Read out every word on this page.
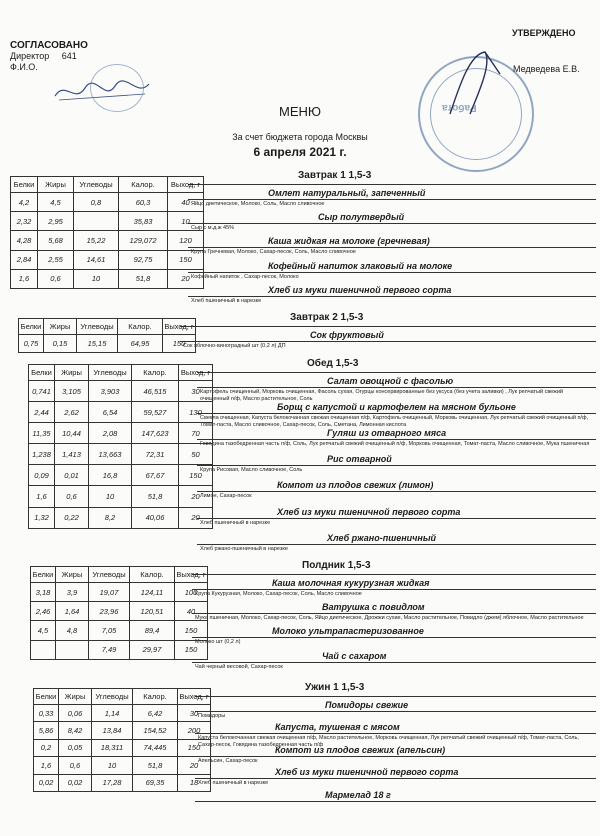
СОГЛАСОВАНО
Директор 641
Ф.И.О.
УТВЕРЖДЕНО
Работа
Медведева Е.В.
МЕНЮ
За счет бюджета города Москвы
6 апреля 2021 г.
Завтрак 1 1,5-3
Омлет натуральный, запеченный
Яйцо диетическое, Молоко, Соль, Масло сливочное
Сыр полутвердый
Сыр с м.д.ж 45%
Каша жидкая на молоке (гречневая)
Крупа Гречневая, Молоко, Сахар-песок, Соль, Масло сливочное
Кофейный напиток злаковый на молоке
Кофейный напиток , Сахар-песок, Молоко
Хлеб из муки пшеничной первого сорта
Хлеб пшеничный в нарезке
Белки	Жиры	Углеводы	Калор.	Выход, г
4,2	4,5	0,8	60,3	40
2,32	2,95		35,83	10
4,28	5,68	15,22	129,072	120
2,84	2,55	14,61	92,75	150
1,6	0,6	10	51,8	20
Завтрак 2 1,5-3
Сок фруктовый
Сок яблочно-виноградный шт (0,2 л) ДП
Белки	Жиры	Углеводы	Калор.	Выход, г
0,75	0,15	15,15	64,95	150
Обед 1,5-3
Салат овощной с фасолью
Картофель очищенный, Морковь очищенная, Фасоль сухая, Огурцы консервированные без уксуса (без учета заливки) , Лук репчатый свежий очищенный п/ф, Масло растительное, Соль
Борщ с капустой и картофелем на мясном бульоне
Свекла очищенная, Капуста белокочанная свежая очищенная п/ф, Картофель очищенный, Морковь очищенная, Лук репчатый свежий очищенный п/ф, Томат-паста, Масло сливочное, Сахар-песок, Соль, Сметана, Лимонная кислота
Гуляш из отварного мяса
Говядина тазобедренная часть п/ф, Соль, Лук репчатый свежий очищенный п/ф, Морковь очищенная, Томат-паста, Масло сливочное, Мука пшеничная
Рис отварной
Крупа Рисовая, Масло сливочное, Соль
Компот из плодов свежих (лимон)
Лимон, Сахар-песок
Хлеб из муки пшеничной первого сорта
Хлеб пшеничный в нарезке
Хлеб ржано-пшеничный
Хлеб ржано-пшеничный в нарезке
Белки	Жиры	Углеводы	Калор.	Выход, г
0,741	3,105	3,903	46,515	30
2,44	2,62	6,54	59,527	130
11,35	10,44	2,08	147,623	70
1,238	1,413	13,663	72,31	50
0,09	0,01	16,8	67,67	150
1,6	0,6	10	51,8	20
1,32	0,22	8,2	40,06	20
Полдник 1,5-3
Каша молочная кукурузная жидкая
Крупа Кукурузная, Молоко, Сахар-песок, Соль, Масло сливочное
Ватрушка с повидлом
Мука пшеничная, Молоко, Сахар-песок, Соль, Яйцо диетическое, Дрожжи сухие, Масло растительное, Повидло (джем) яблочное, Масло растительное
Молоко ультрапастеризованное
Молоко шт (0,2 л)
Чай с сахаром
Чай черный весовой, Сахар-песок
Белки	Жиры	Углеводы	Калор.	Выход, г
3,18	3,9	19,07	124,11	100
2,46	1,64	23,96	120,51	40
4,5	4,8	7,05	89,4	150
		7,49	29,97	150
Ужин 1 1,5-3
Помидоры свежие
Помидоры
Капуста, тушеная с мясом
Капуста белокочанная свежая очищенная п/ф, Масло растительное, Морковь очищенная, Лук репчатый свежий очищенный п/ф, Томат-паста, Соль, Сахар-песок, Говядина тазобедренная часть п/ф
Компот из плодов свежих (апельсин)
Апельсин, Сахар-песок
Хлеб из муки пшеничной первого сорта
Хлеб пшеничный в нарезке
Мармелад 18 г
Белки	Жиры	Углеводы	Калор.	Выход, г
0,33	0,06	1,14	6,42	30
5,86	8,42	13,84	154,52	200
0,2	0,05	18,311	74,445	150
1,6	0,6	10	51,8	20
0,02	0,02	17,28	69,35	18
